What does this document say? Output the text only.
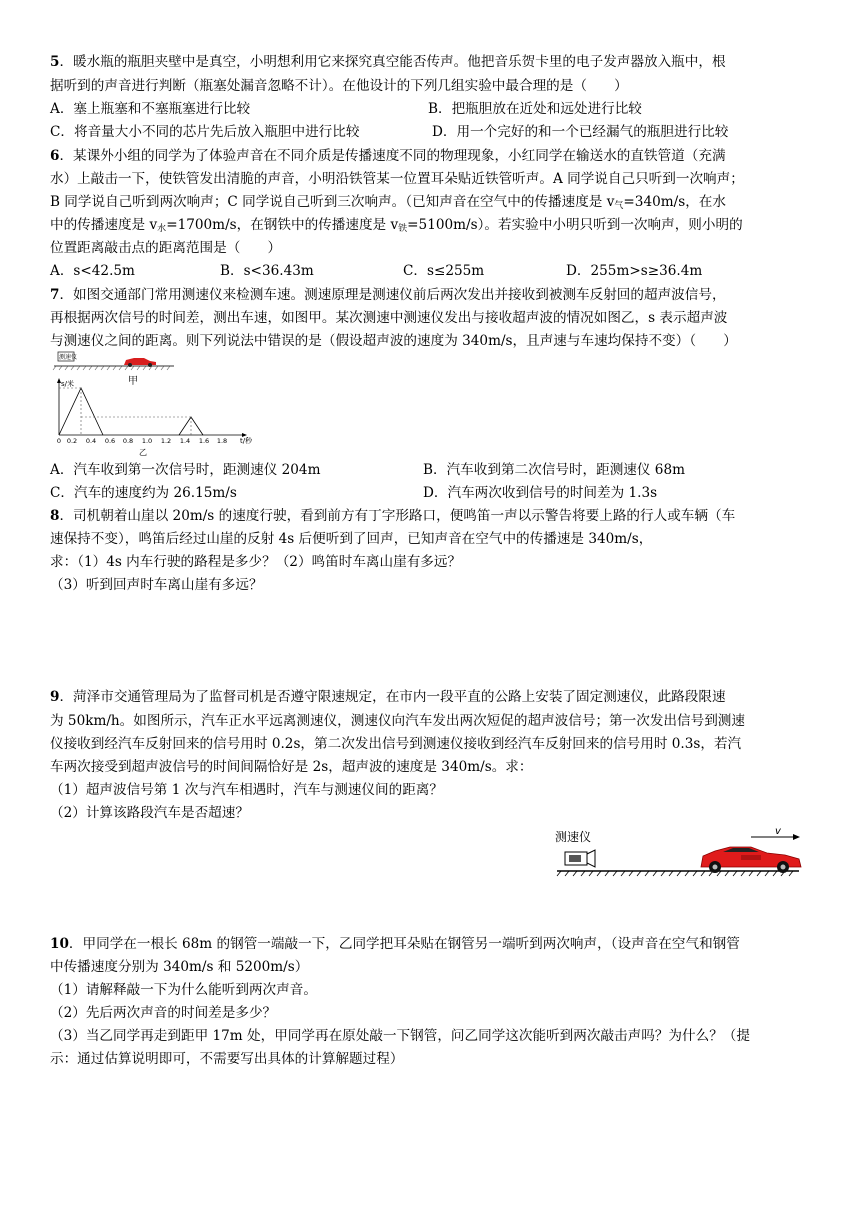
5．暖水瓶的瓶胆夹壁中是真空，小明想利用它来探究真空能否传声。他把音乐贺卡里的电子发声器放入瓶中，根
据听到的声音进行判断（瓶塞处漏音忽略不计）。在他设计的下列几组实验中最合理的是（　　）
A．塞上瓶塞和不塞瓶塞进行比较	B．把瓶胆放在近处和远处进行比较
C．将音量大小不同的芯片先后放入瓶胆中进行比较	D．用一个完好的和一个已经漏气的瓶胆进行比较
6．某课外小组的同学为了体验声音在不同介质是传播速度不同的物理现象，小红同学在输送水的直铁管道（充满
水）上敲击一下，使铁管发出清脆的声音，小明沿铁管某一位置耳朵贴近铁管听声。A 同学说自己只听到一次响声；
B 同学说自己听到两次响声；C 同学说自己听到三次响声。（已知声音在空气中的传播速度是 $v_气=340m/s$，在水
中的传播速度是 $v_水=1700m/s$，在钢铁中的传播速度是 $v_铁=5100m/s$）。若实验中小明只听到一次响声，则小明的
位置距离敲击点的距离范围是（　　）
A．s<42.5m	B．s<36.43m	C．s≤255m	D．255m>s≥36.4m
7．如图交通部门常用测速仪来检测车速。测速原理是测速仪前后两次发出并接收到被测车反射回的超声波信号，
再根据两次信号的时间差，测出车速，如图甲。某次测速中测速仪发出与接收超声波的情况如图乙，s 表示超声波
与测速仪之间的距离。则下列说法中错误的是（假设超声波的速度为 340m/s，且声速与车速均保持不变）（　　）
测速仪
甲
s/米
t/秒
0 0.2 0.4 0.6 0.8 1.0 1.2 1.4 1.6 1.8
乙
A．汽车收到第一次信号时，距测速仪 204m	B．汽车收到第二次信号时，距测速仪 68m
C．汽车的速度约为 26.15m/s	D．汽车两次收到信号的时间差为 1.3s
8．司机朝着山崖以 20m/s 的速度行驶，看到前方有丁字形路口，便鸣笛一声以示警告将要上路的行人或车辆（车
速保持不变），鸣笛后经过山崖的反射 4s 后便听到了回声，已知声音在空气中的传播速是 340m/s，
求：（1）4s 内车行驶的路程是多少？（2）鸣笛时车离山崖有多远？
（3）听到回声时车离山崖有多远？
9．菏泽市交通管理局为了监督司机是否遵守限速规定，在市内一段平直的公路上安装了固定测速仪，此路段限速
为 50km/h。如图所示，汽车正水平远离测速仪，测速仪向汽车发出两次短促的超声波信号；第一次发出信号到测速
仪接收到经汽车反射回来的信号用时 0.2s，第二次发出信号到测速仪接收到经汽车反射回来的信号用时 0.3s，若汽
车两次接受到超声波信号的时间间隔恰好是 2s，超声波的速度是 340m/s。求：
（1）超声波信号第 1 次与汽车相遇时，汽车与测速仪间的距离？
（2）计算该路段汽车是否超速？
测速仪	v
10．甲同学在一根长 68m 的钢管一端敲一下，乙同学把耳朵贴在钢管另一端听到两次响声，（设声音在空气和钢管
中传播速度分别为 340m/s 和 5200m/s）
（1）请解释敲一下为什么能听到两次声音。
（2）先后两次声音的时间差是多少？
（3）当乙同学再走到距甲 17m 处，甲同学再在原处敲一下钢管，问乙同学这次能听到两次敲击声吗？为什么？（提
示：通过估算说明即可，不需要写出具体的计算解题过程）
